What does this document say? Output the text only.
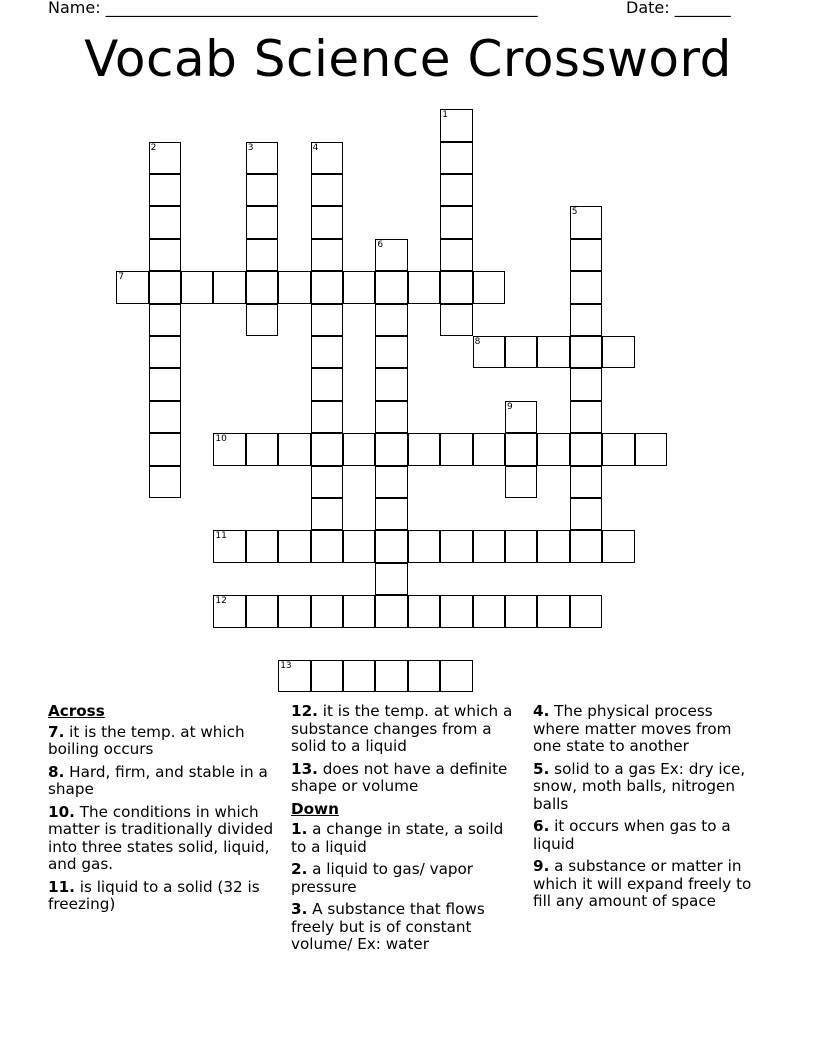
Name: ______________________________________________________	Date: _______
Vocab Science Crossword
1
2	3	4
5
6
7
8
9
10
11
12
13
Across
7. it is the temp. at which boiling occurs
8. Hard, firm, and stable in a shape
10. The conditions in which matter is traditionally divided into three states solid, liquid, and gas.
11. is liquid to a solid (32 is freezing)
12. it is the temp. at which a substance changes from a solid to a liquid
13. does not have a definite shape or volume
Down
1. a change in state, a soild to a liquid
2. a liquid to gas/ vapor pressure
3. A substance that flows freely but is of constant volume/ Ex: water
4. The physical process where matter moves from one state to another
5. solid to a gas Ex: dry ice, snow, moth balls, nitrogen balls
6. it occurs when gas to a liquid
9. a substance or matter in which it will expand freely to fill any amount of space
